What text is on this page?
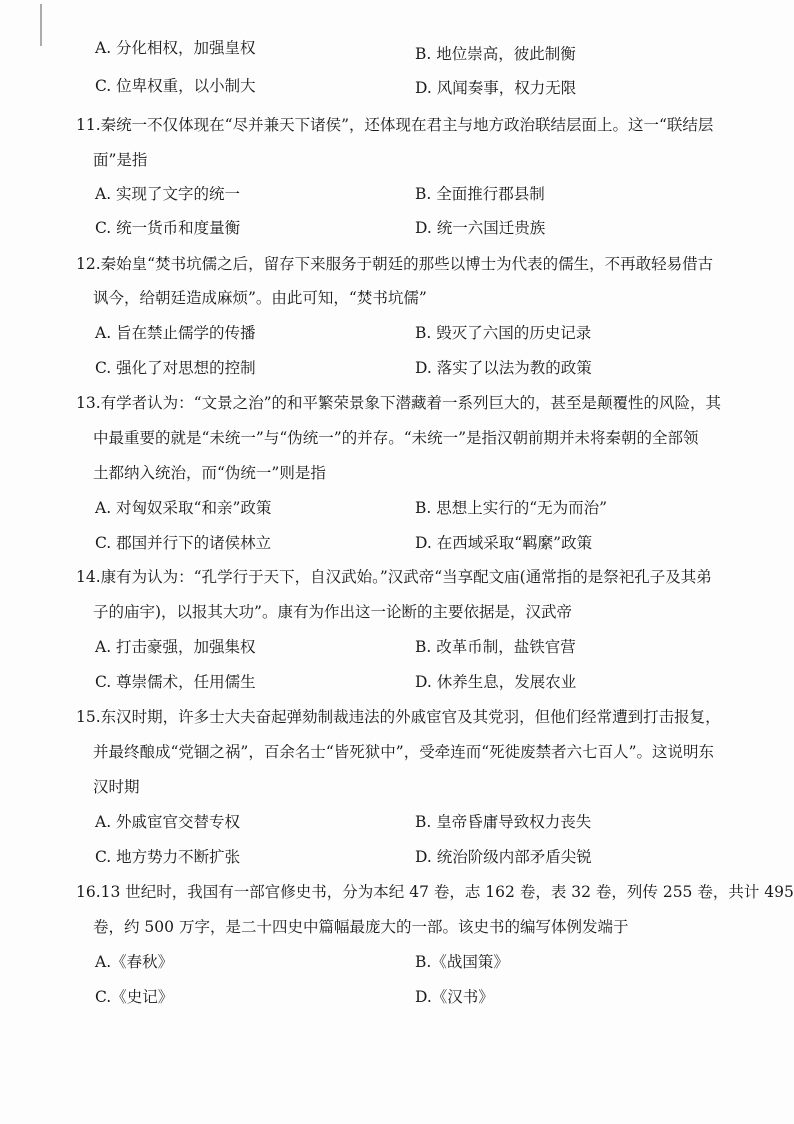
A. 分化相权，加强皇权	B. 地位崇高，彼此制衡
C. 位卑权重，以小制大	D. 风闻奏事，权力无限
11.秦统一不仅体现在“尽并兼天下诸侯”，还体现在君主与地方政治联结层面上。这一“联结层
面”是指
A. 实现了文字的统一	B. 全面推行郡县制
C. 统一货币和度量衡	D. 统一六国迁贵族
12.秦始皇“焚书坑儒之后，留存下来服务于朝廷的那些以博士为代表的儒生，不再敢轻易借古
讽今，给朝廷造成麻烦”。由此可知，“焚书坑儒”
A. 旨在禁止儒学的传播	B. 毁灭了六国的历史记录
C. 强化了对思想的控制	D. 落实了以法为教的政策
13.有学者认为：“文景之治”的和平繁荣景象下潜藏着一系列巨大的，甚至是颠覆性的风险，其
中最重要的就是“未统一”与“伪统一”的并存。“未统一”是指汉朝前期并未将秦朝的全部领
土都纳入统治，而“伪统一”则是指
A. 对匈奴采取“和亲”政策	B. 思想上实行的“无为而治”
C. 郡国并行下的诸侯林立	D. 在西域采取“羁縻”政策
14.康有为认为：“孔学行于天下，自汉武始。”汉武帝“当享配文庙(通常指的是祭祀孔子及其弟
子的庙宇)，以报其大功”。康有为作出这一论断的主要依据是，汉武帝
A. 打击豪强，加强集权	B. 改革币制，盐铁官营
C. 尊崇儒术，任用儒生	D. 休养生息，发展农业
15.东汉时期，许多士大夫奋起弹劾制裁违法的外戚宦官及其党羽，但他们经常遭到打击报复，
并最终酿成“党锢之祸”，百余名士“皆死狱中”，受牵连而“死徙废禁者六七百人”。这说明东
汉时期
A. 外戚宦官交替专权	B. 皇帝昏庸导致权力丧失
C. 地方势力不断扩张	D. 统治阶级内部矛盾尖锐
16.13 世纪时，我国有一部官修史书，分为本纪 47 卷，志 162 卷，表 32 卷，列传 255 卷，共计 495
卷，约 500 万字，是二十四史中篇幅最庞大的一部。该史书的编写体例发端于
A.《春秋》	B.《战国策》
C.《史记》	D.《汉书》
